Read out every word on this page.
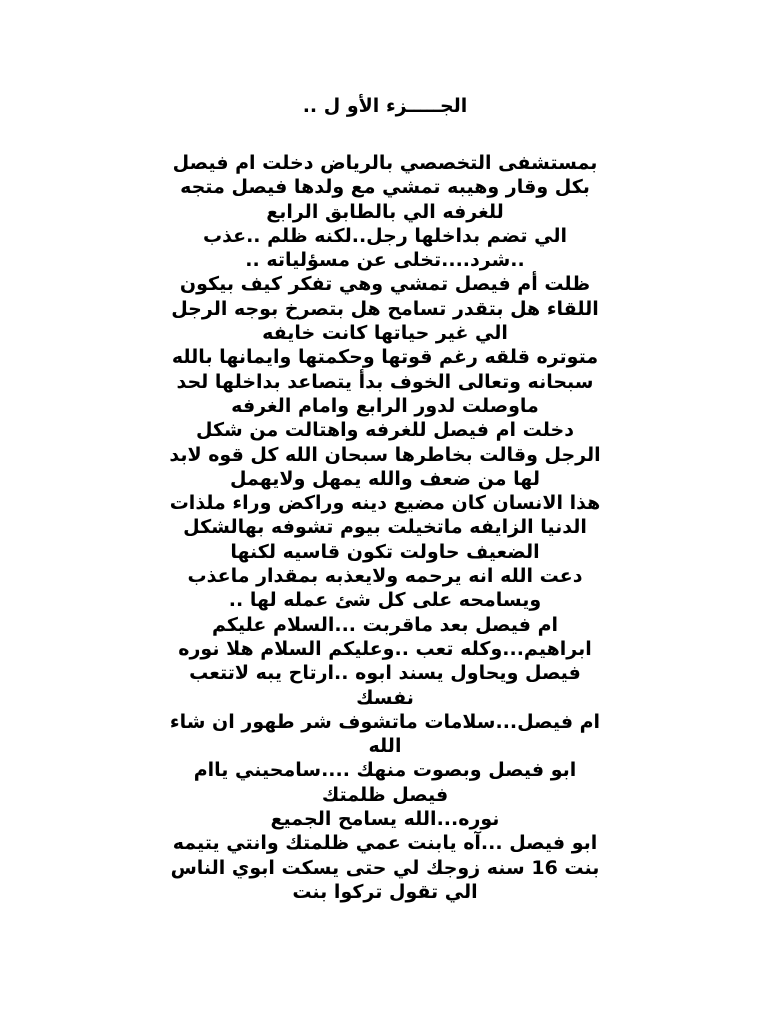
الجـــــزء الأو ل ..
بمستشفى التخصصي بالرياض دخلت ام فيصل
بكل وقار وهيبه تمشي مع ولدها فيصل متجه
للغرفه الي بالطابق الرابع
الي تضم بداخلها رجل..لكنه ظلم ..عذب
..شرد....تخلى عن مسؤلياته ..
ظلت أم فيصل تمشي وهي تفكر كيف بيكون
اللقاء هل بتقدر تسامح هل بتصرخ بوجه الرجل
الي غير حياتها كانت خايفه
متوتره قلقه رغم قوتها وحكمتها وايمانها بالله
سبحانه وتعالى الخوف بدأ يتصاعد بداخلها لحد
ماوصلت لدور الرابع وامام الغرفه
دخلت ام فيصل للغرفه واهتالت من شكل
الرجل وقالت بخاطرها سبحان الله كل قوه لابد
لها من ضعف والله يمهل ولايهمل
هذا الانسان كان مضيع دينه وراكض وراء ملذات
الدنيا الزايفه ماتخيلت بيوم تشوفه بهالشكل
الضعيف حاولت تكون قاسيه لكنها
دعت الله انه يرحمه ولايعذبه بمقدار ماعذب
ويسامحه على كل شئ عمله لها ..
ام فيصل بعد ماقربت ...السلام عليكم
ابراهيم...وكله تعب ..وعليكم السلام هلا نوره
فيصل ويحاول يسند ابوه ..ارتاح يبه لاتتعب
نفسك
ام فيصل...سلامات ماتشوف شر طهور ان شاء
الله
ابو فيصل وبصوت منهك ....سامحيني ياام
فيصل ظلمتك
نوره...الله يسامح الجميع
ابو فيصل ...آه يابنت عمي ظلمتك وانتي يتيمه
بنت 16 سنه زوجك لي حتى يسكت ابوي الناس
الي تقول تركوا بنت
